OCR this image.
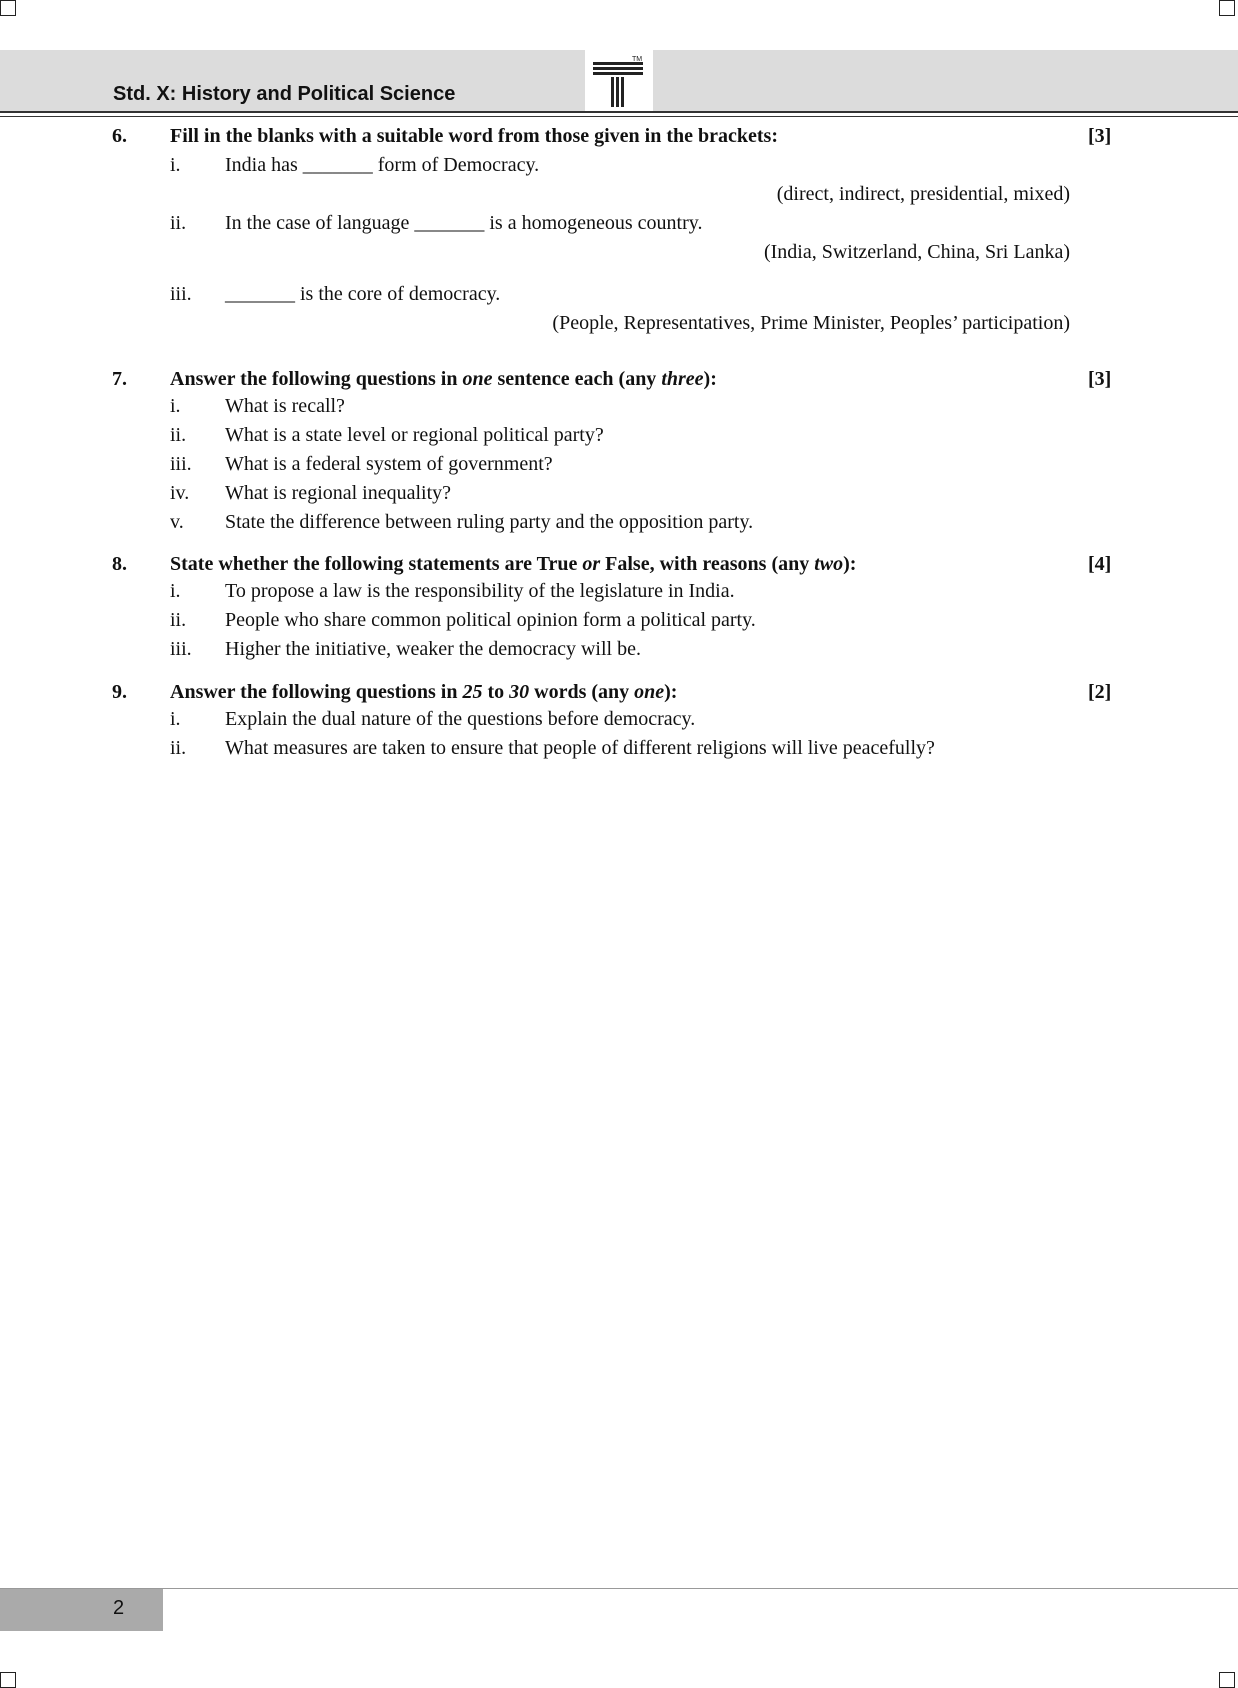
TM
Std. X: History and Political Science
6. Fill in the blanks with a suitable word from those given in the brackets:	[3]
i. India has _______ form of Democracy.
(direct, indirect, presidential, mixed)
ii. In the case of language _______ is a homogeneous country.
(India, Switzerland, China, Sri Lanka)
iii. _______ is the core of democracy.
(People, Representatives, Prime Minister, Peoples’ participation)
7. Answer the following questions in one sentence each (any three):	[3]
i. What is recall?
ii. What is a state level or regional political party?
iii. What is a federal system of government?
iv. What is regional inequality?
v. State the difference between ruling party and the opposition party.
8. State whether the following statements are True or False, with reasons (any two):	[4]
i. To propose a law is the responsibility of the legislature in India.
ii. People who share common political opinion form a political party.
iii. Higher the initiative, weaker the democracy will be.
9. Answer the following questions in 25 to 30 words (any one):	[2]
i. Explain the dual nature of the questions before democracy.
ii. What measures are taken to ensure that people of different religions will live peacefully?
2
